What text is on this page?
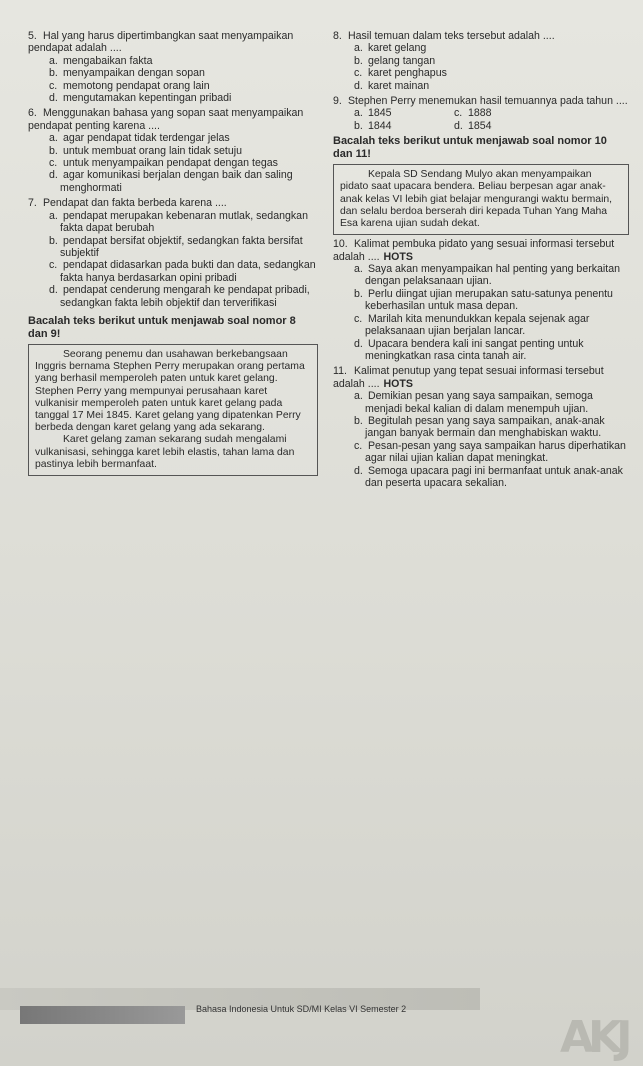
5. Hal yang harus dipertimbangkan saat menyampaikan pendapat adalah ....
a. mengabaikan fakta
b. menyampaikan dengan sopan
c. memotong pendapat orang lain
d. mengutamakan kepentingan pribadi
6. Menggunakan bahasa yang sopan saat menyampaikan pendapat penting karena ....
a. agar pendapat tidak terdengar jelas
b. untuk membuat orang lain tidak setuju
c. untuk menyampaikan pendapat dengan tegas
d. agar komunikasi berjalan dengan baik dan saling menghormati
7. Pendapat dan fakta berbeda karena ....
a. pendapat merupakan kebenaran mutlak, sedangkan fakta dapat berubah
b. pendapat bersifat objektif, sedangkan fakta bersifat subjektif
c. pendapat didasarkan pada bukti dan data, sedangkan fakta hanya berdasarkan opini pribadi
d. pendapat cenderung mengarah ke pendapat pribadi, sedangkan fakta lebih objektif dan terverifikasi
Bacalah teks berikut untuk menjawab soal nomor 8 dan 9!
Seorang penemu dan usahawan berkebangsaan Inggris bernama Stephen Perry merupakan orang pertama yang berhasil memperoleh paten untuk karet gelang. Stephen Perry yang mempunyai perusahaan karet vulkanisir memperoleh paten untuk karet gelang pada tanggal 17 Mei 1845. Karet gelang yang dipatenkan Perry berbeda dengan karet gelang yang ada sekarang.
Karet gelang zaman sekarang sudah mengalami vulkanisasi, sehingga karet lebih elastis, tahan lama dan pastinya lebih bermanfaat.
8. Hasil temuan dalam teks tersebut adalah ....
a. karet gelang
b. gelang tangan
c. karet penghapus
d. karet mainan
9. Stephen Perry menemukan hasil temuannya pada tahun ....
a. 1845	c. 1888
b. 1844	d. 1854
Bacalah teks berikut untuk menjawab soal nomor 10 dan 11!
Kepala SD Sendang Mulyo akan menyampaikan pidato saat upacara bendera. Beliau berpesan agar anak-anak kelas VI lebih giat belajar mengurangi waktu bermain, dan selalu berdoa berserah diri kepada Tuhan Yang Maha Esa karena ujian sudah dekat.
10. Kalimat pembuka pidato yang sesuai informasi tersebut adalah .... HOTS
a. Saya akan menyampaikan hal penting yang berkaitan dengan pelaksanaan ujian.
b. Perlu diingat ujian merupakan satu-satunya penentu keberhasilan untuk masa depan.
c. Marilah kita menundukkan kepala sejenak agar pelaksanaan ujian berjalan lancar.
d. Upacara bendera kali ini sangat penting untuk meningkatkan rasa cinta tanah air.
11. Kalimat penutup yang tepat sesuai informasi tersebut adalah .... HOTS
a. Demikian pesan yang saya sampaikan, semoga menjadi bekal kalian di dalam menempuh ujian.
b. Begitulah pesan yang saya sampaikan, anak-anak jangan banyak bermain dan menghabiskan waktu.
c. Pesan-pesan yang saya sampaikan harus diperhatikan agar nilai ujian kalian dapat meningkat.
d. Semoga upacara pagi ini bermanfaat untuk anak-anak dan peserta upacara sekalian.
Bahasa Indonesia Untuk SD/MI Kelas VI Semester 2
AKJ
